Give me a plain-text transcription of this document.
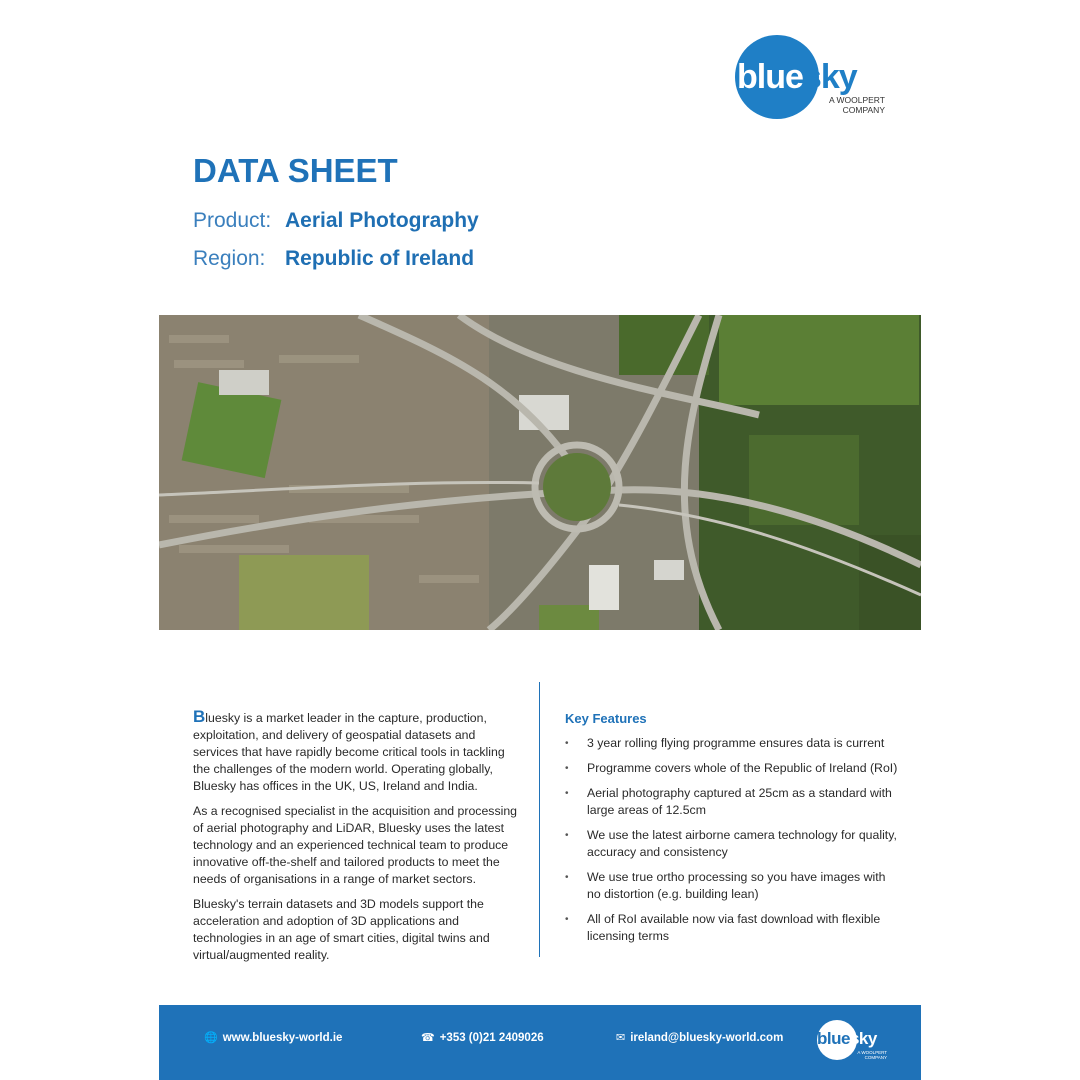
bluesky
A WOOLPERT COMPANY
DATA SHEET
Product: Aerial Photography
Region: Republic of Ireland

Bluesky is a market leader in the capture, production, exploitation, and delivery of geospatial datasets and services that have rapidly become critical tools in tackling the challenges of the modern world. Operating globally, Bluesky has offices in the UK, US, Ireland and India.

As a recognised specialist in the acquisition and processing of aerial photography and LiDAR, Bluesky uses the latest technology and an experienced technical team to produce innovative off-the-shelf and tailored products to meet the needs of organisations in a range of market sectors.

Bluesky's terrain datasets and 3D models support the acceleration and adoption of 3D applications and technologies in an age of smart cities, digital twins and virtual/augmented reality.

Key Features
• 3 year rolling flying programme ensures data is current
• Programme covers whole of the Republic of Ireland (RoI)
• Aerial photography captured at 25cm as a standard with large areas of 12.5cm
• We use the latest airborne camera technology for quality, accuracy and consistency
• We use true ortho processing so you have images with no distortion (e.g. building lean)
• All of RoI available now via fast download with flexible licensing terms
🌐 www.bluesky-world.ie	☎ +353 (0)21 2409026	✉ ireland@bluesky-world.com bluesky
A WOOLPERT COMPANY
